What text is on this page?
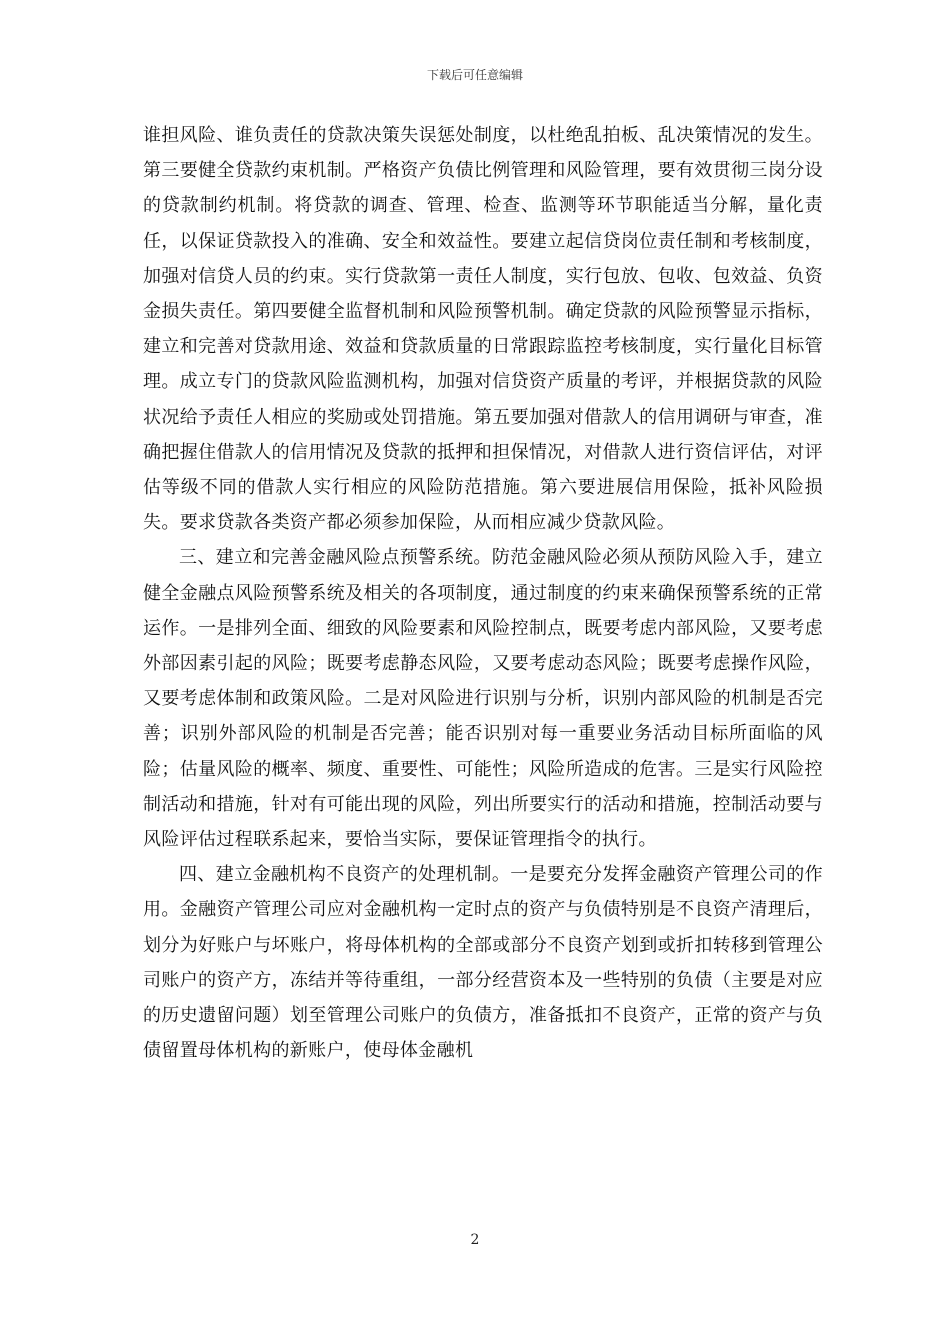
下载后可任意编辑

谁担风险、谁负责任的贷款决策失误惩处制度，以杜绝乱拍板、乱决策情况的发生。第三要健全贷款约束机制。严格资产负债比例管理和风险管理，要有效贯彻三岗分设的贷款制约机制。将贷款的调查、管理、检查、监测等环节职能适当分解，量化责任，以保证贷款投入的准确、安全和效益性。要建立起信贷岗位责任制和考核制度，加强对信贷人员的约束。实行贷款第一责任人制度，实行包放、包收、包效益、负资金损失责任。第四要健全监督机制和风险预警机制。确定贷款的风险预警显示指标，建立和完善对贷款用途、效益和贷款质量的日常跟踪监控考核制度，实行量化目标管理。成立专门的贷款风险监测机构，加强对信贷资产质量的考评，并根据贷款的风险状况给予责任人相应的奖励或处罚措施。第五要加强对借款人的信用调研与审查，准确把握住借款人的信用情况及贷款的抵押和担保情况，对借款人进行资信评估，对评估等级不同的借款人实行相应的风险防范措施。第六要进展信用保险，抵补风险损失。要求贷款各类资产都必须参加保险，从而相应减少贷款风险。

三、建立和完善金融风险点预警系统。防范金融风险必须从预防风险入手，建立健全金融点风险预警系统及相关的各项制度，通过制度的约束来确保预警系统的正常运作。一是排列全面、细致的风险要素和风险控制点，既要考虑内部风险，又要考虑外部因素引起的风险；既要考虑静态风险，又要考虑动态风险；既要考虑操作风险，又要考虑体制和政策风险。二是对风险进行识别与分析，识别内部风险的机制是否完善；识别外部风险的机制是否完善；能否识别对每一重要业务活动目标所面临的风险；估量风险的概率、频度、重要性、可能性；风险所造成的危害。三是实行风险控制活动和措施，针对有可能出现的风险，列出所要实行的活动和措施，控制活动要与风险评估过程联系起来，要恰当实际，要保证管理指令的执行。

四、建立金融机构不良资产的处理机制。一是要充分发挥金融资产管理公司的作用。金融资产管理公司应对金融机构一定时点的资产与负债特别是不良资产清理后，划分为好账户与坏账户，将母体机构的全部或部分不良资产划到或折扣转移到管理公司账户的资产方，冻结并等待重组，一部分经营资本及一些特别的负债（主要是对应的历史遗留问题）划至管理公司账户的负债方，准备抵扣不良资产，正常的资产与负债留置母体机构的新账户，使母体金融机

2
